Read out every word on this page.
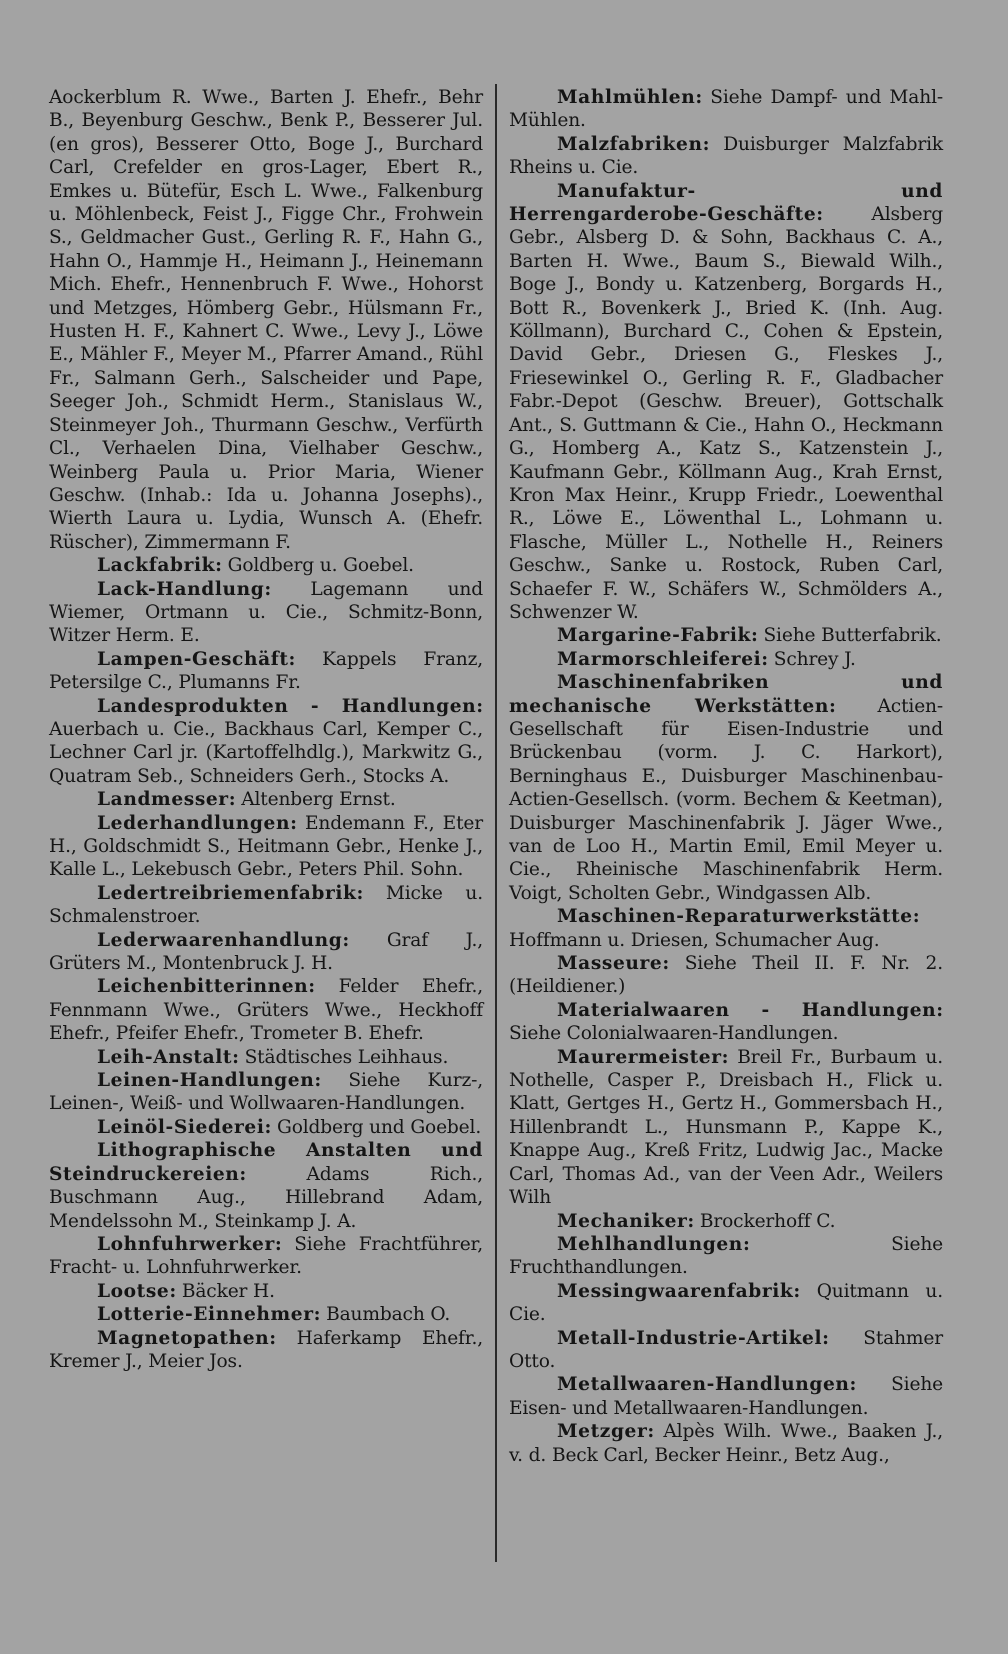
Aockerblum R. Wwe., Barten J. Ehefr., Behr B., Beyenburg Geschw., Benk P., Besserer Jul. (en gros), Besserer Otto, Boge J., Burchard Carl, Crefelder en gros-Lager, Ebert R., Emkes u. Bütefür, Esch L. Wwe., Falkenburg u. Möhlenbeck, Feist J., Figge Chr., Frohwein S., Geldmacher Gust., Gerling R. F., Hahn G., Hahn O., Hammje H., Heimann J., Heinemann Mich. Ehefr., Hennenbruch F. Wwe., Hohorst und Metzges, Hömberg Gebr., Hülsmann Fr., Husten H. F., Kahnert C. Wwe., Levy J., Löwe E., Mähler F., Meyer M., Pfarrer Amand., Rühl Fr., Salmann Gerh., Salscheider und Pape, Seeger Joh., Schmidt Herm., Stanislaus W., Steinmeyer Joh., Thurmann Geschw., Verfürth Cl., Verhaelen Dina, Vielhaber Geschw., Weinberg Paula u. Prior Maria, Wiener Geschw. (Inhab.: Ida u. Johanna Josephs)., Wierth Laura u. Lydia, Wunsch A. (Ehefr. Rüscher), Zimmermann F.

Lackfabrik: Goldberg u. Goebel.

Lack-Handlung: Lagemann und Wiemer, Ortmann u. Cie., Schmitz-Bonn, Witzer Herm. E.

Lampen-Geschäft: Kappels Franz, Petersilge C., Plumanns Fr.

Landesprodukten - Handlungen: Auerbach u. Cie., Backhaus Carl, Kemper C., Lechner Carl jr. (Kartoffelhdlg.), Markwitz G., Quatram Seb., Schneiders Gerh., Stocks A.

Landmesser: Altenberg Ernst.

Lederhandlungen: Endemann F., Eter H., Goldschmidt S., Heitmann Gebr., Henke J., Kalle L., Lekebusch Gebr., Peters Phil. Sohn.

Ledertreibriemenfabrik: Micke u. Schmalenstroer.

Lederwaarenhandlung: Graf J., Grüters M., Montenbruck J. H.

Leichenbitterinnen: Felder Ehefr., Fennmann Wwe., Grüters Wwe., Heckhoff Ehefr., Pfeifer Ehefr., Trometer B. Ehefr.

Leih-Anstalt: Städtisches Leihhaus.

Leinen-Handlungen: Siehe Kurz-, Leinen-, Weiß- und Wollwaaren-Handlungen.

Leinöl-Siederei: Goldberg und Goebel.

Lithographische Anstalten und Steindruckereien:	Adams Rich., Buschmann Aug., Hillebrand Adam, Mendelssohn M., Steinkamp J. A.

Lohnfuhrwerker: Siehe Frachtführer, Fracht- u. Lohnfuhrwerker.

Lootse: Bäcker H.

Lotterie-Einnehmer: Baumbach O.

Magnetopathen: Haferkamp Ehefr., Kremer J., Meier Jos.

Mahlmühlen: Siehe Dampf- und Mahl-Mühlen.

Malzfabriken: Duisburger Malzfabrik Rheins u. Cie.

Manufaktur- und Herrengarderobe-Geschäfte:	Alsberg Gebr., Alsberg D. & Sohn, Backhaus C. A., Barten H. Wwe., Baum S., Biewald Wilh., Boge J., Bondy u. Katzenberg, Borgards H., Bott R., Bovenkerk J., Bried K. (Inh. Aug. Köllmann), Burchard C., Cohen & Epstein, David Gebr., Driesen G., Fleskes J., Friesewinkel O., Gerling R. F., Gladbacher Fabr.-Depot (Geschw. Breuer), Gottschalk Ant., S. Guttmann & Cie., Hahn O., Heckmann G., Homberg A., Katz S., Katzenstein J., Kaufmann Gebr., Köllmann Aug., Krah Ernst, Kron Max Heinr., Krupp Friedr., Loewenthal R., Löwe E., Löwenthal L., Lohmann u. Flasche, Müller L., Nothelle H., Reiners Geschw., Sanke u. Rostock, Ruben Carl, Schaefer F. W., Schäfers W., Schmölders A., Schwenzer W.

Margarine-Fabrik: Siehe Butterfabrik.

Marmorschleiferei: Schrey J.

Maschinenfabriken und mechanische Werkstätten: Actien-Gesellschaft für Eisen-Industrie und Brückenbau (vorm. J. C. Harkort), Berninghaus E., Duisburger Maschinenbau-Actien-Gesellsch. (vorm. Bechem & Keetman), Duisburger Maschinenfabrik J. Jäger Wwe., van de Loo H., Martin Emil, Emil Meyer u. Cie., Rheinische Maschinenfabrik Herm. Voigt, Scholten Gebr., Windgassen Alb.

Maschinen-Reparaturwerkstätte: Hoffmann u. Driesen, Schumacher Aug.

Masseure: Siehe Theil II. F. Nr. 2. (Heildiener.)

Materialwaaren - Handlungen: Siehe Colonialwaaren-Handlungen.

Maurermeister: Breil Fr., Burbaum u. Nothelle, Casper P., Dreisbach H., Flick u. Klatt, Gertges H., Gertz H., Gommersbach H., Hillenbrandt L., Hunsmann P., Kappe K., Knappe Aug., Kreß Fritz, Ludwig Jac., Macke Carl, Thomas Ad., van der Veen Adr., Weilers Wilh

Mechaniker: Brockerhoff C.

Mehlhandlungen:	Siehe Fruchthandlungen.

Messingwaarenfabrik: Quitmann u. Cie.

Metall-Industrie-Artikel: Stahmer Otto.

Metallwaaren-Handlungen: Siehe Eisen- und Metallwaaren-Handlungen.

Metzger: Alpès Wilh. Wwe., Baaken J., v. d. Beck Carl, Becker Heinr., Betz Aug.,
